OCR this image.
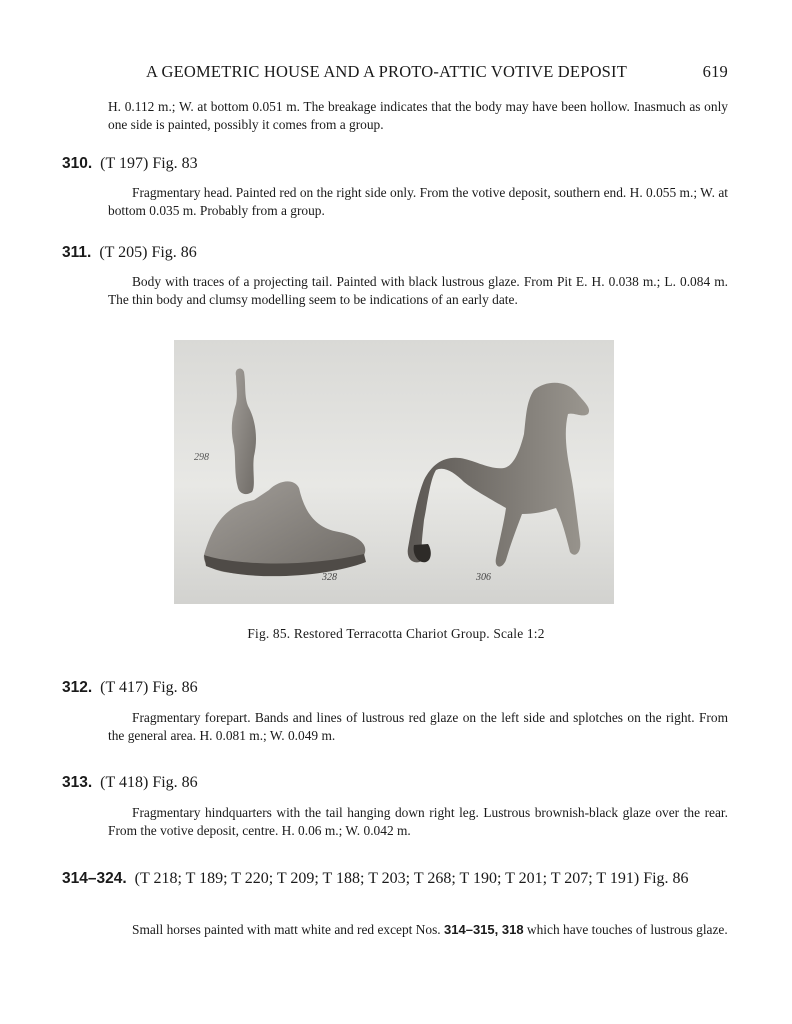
A GEOMETRIC HOUSE AND A PROTO-ATTIC VOTIVE DEPOSIT	619
H. 0.112 m.; W. at bottom 0.051 m. The breakage indicates that the body may have been hollow. Inasmuch as only one side is painted, possibly it comes from a group.
310. (T 197) Fig. 83
Fragmentary head. Painted red on the right side only. From the votive deposit, southern end. H. 0.055 m.; W. at bottom 0.035 m. Probably from a group.
311. (T 205) Fig. 86
Body with traces of a projecting tail. Painted with black lustrous glaze. From Pit E. H. 0.038 m.; L. 0.084 m. The thin body and clumsy modelling seem to be indications of an early date.
298
328	306
Fig. 85. Restored Terracotta Chariot Group. Scale 1:2
312. (T 417) Fig. 86
Fragmentary forepart. Bands and lines of lustrous red glaze on the left side and splotches on the right. From the general area. H. 0.081 m.; W. 0.049 m.
313. (T 418) Fig. 86
Fragmentary hindquarters with the tail hanging down right leg. Lustrous brownish-black glaze over the rear. From the votive deposit, centre. H. 0.06 m.; W. 0.042 m.
314–324. (T 218; T 189; T 220; T 209; T 188; T 203; T 268; T 190; T 201; T 207; T 191) Fig. 86
Small horses painted with matt white and red except Nos. 314–315, 318 which have touches of lustrous glaze.
